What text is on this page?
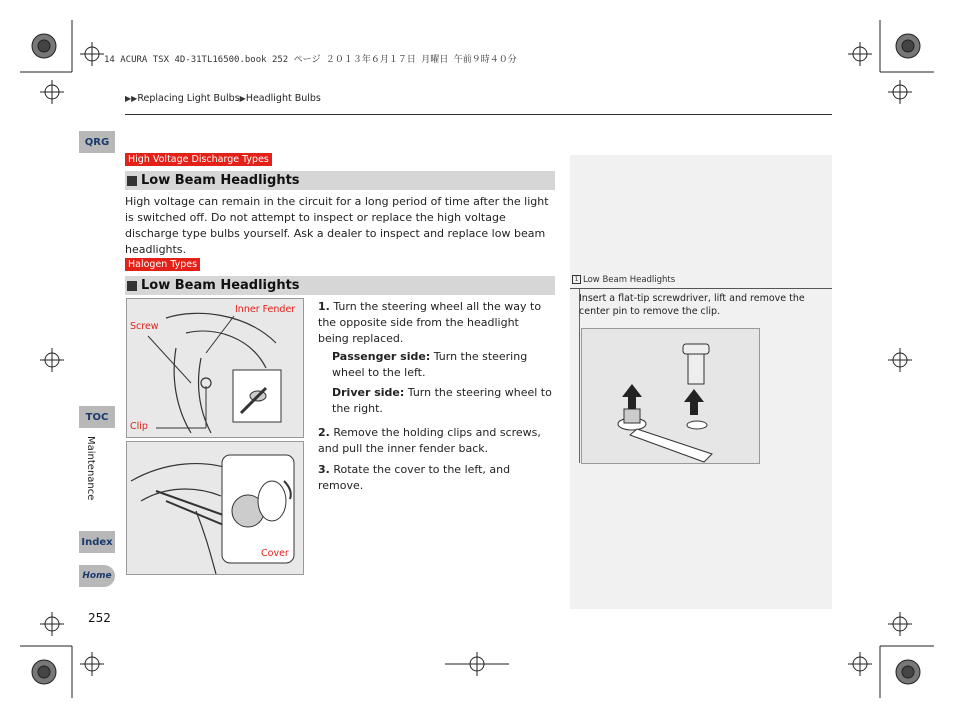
14 ACURA TSX 4D-31TL16500.book 252 ページ ２０１３年６月１７日 月曜日 午前９時４０分
▶▶Replacing Light Bulbs▶Headlight Bulbs
QRG
TOC
Maintenance
Index
Home
252
1 Low Beam Headlights
Insert a flat-tip screwdriver, lift and remove the center pin to remove the clip.
High Voltage Discharge Types
Low Beam Headlights
High voltage can remain in the circuit for a long period of time after the light is switched off. Do not attempt to inspect or replace the high voltage discharge type bulbs yourself. Ask a dealer to inspect and replace low beam headlights.
Halogen Types
Low Beam Headlights
Screw
Inner Fender
Clip
Cover
1. Turn the steering wheel all the way to the opposite side from the headlight being replaced.
Passenger side: Turn the steering wheel to the left.
Driver side: Turn the steering wheel to the right.
2. Remove the holding clips and screws, and pull the inner fender back.
3. Rotate the cover to the left, and remove.
